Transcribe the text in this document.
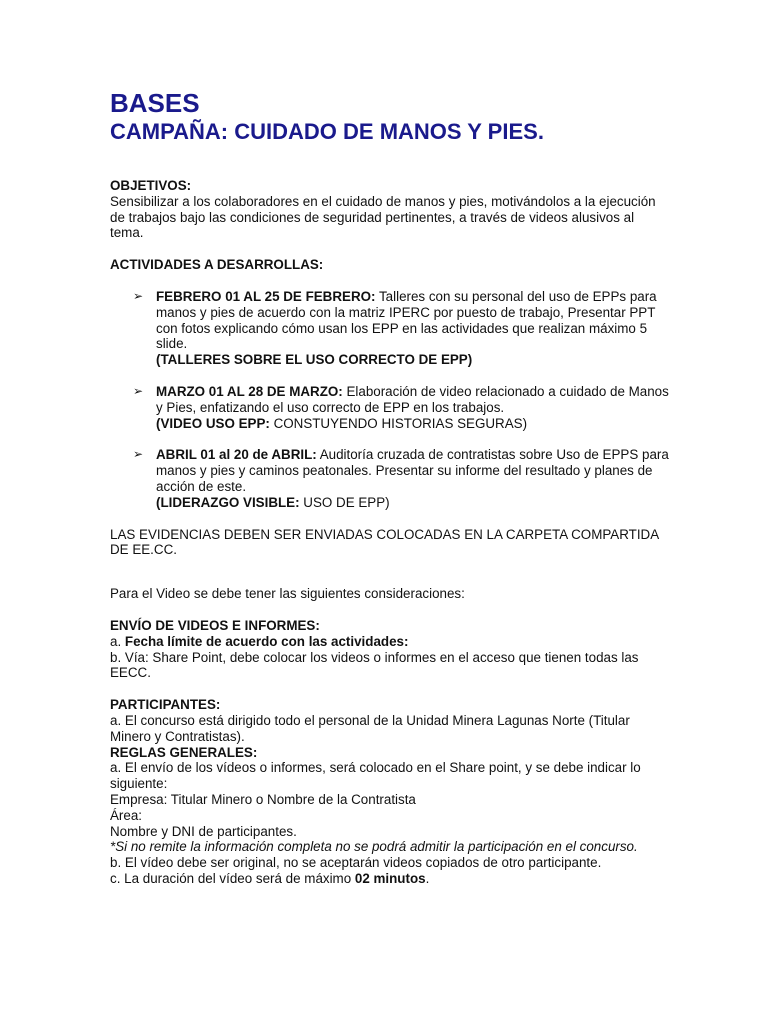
BASES
CAMPAÑA: CUIDADO DE MANOS Y PIES.

OBJETIVOS:

Sensibilizar a los colaboradores en el cuidado de manos y pies, motivándolos a la ejecución de trabajos bajo las condiciones de seguridad pertinentes, a través de videos alusivos al tema.

ACTIVIDADES A DESARROLLAS:

➢ FEBRERO 01 AL 25 DE FEBRERO: Talleres con su personal del uso de EPPs para manos y pies de acuerdo con la matriz IPERC por puesto de trabajo, Presentar PPT con fotos explicando cómo usan los EPP en las actividades que realizan máximo 5 slide.
(TALLERES SOBRE EL USO CORRECTO DE EPP)
➢ MARZO 01 AL 28 DE MARZO: Elaboración de video relacionado a cuidado de Manos y Pies, enfatizando el uso correcto de EPP en los trabajos.
(VIDEO USO EPP: CONSTUYENDO HISTORIAS SEGURAS)
➢ ABRIL 01 al 20 de ABRIL: Auditoría cruzada de contratistas sobre Uso de EPPS para manos y pies y caminos peatonales. Presentar su informe del resultado y planes de acción de este.
(LIDERAZGO VISIBLE: USO DE EPP)

LAS EVIDENCIAS DEBEN SER ENVIADAS COLOCADAS EN LA CARPETA COMPARTIDA DE EE.CC.

Para el Video se debe tener las siguientes consideraciones:

ENVÍO DE VIDEOS E INFORMES:

a. Fecha límite de acuerdo con las actividades:

b. Vía: Share Point, debe colocar los videos o informes en el acceso que tienen todas las EECC.

PARTICIPANTES:

a. El concurso está dirigido todo el personal de la Unidad Minera Lagunas Norte (Titular Minero y Contratistas).

REGLAS GENERALES:

a. El envío de los vídeos o informes, será colocado en el Share point, y se debe indicar lo siguiente:

Empresa: Titular Minero o Nombre de la Contratista

Área:

Nombre y DNI de participantes.

*Si no remite la información completa no se podrá admitir la participación en el concurso.

b. El vídeo debe ser original, no se aceptarán videos copiados de otro participante.

c. La duración del vídeo será de máximo 02 minutos.
